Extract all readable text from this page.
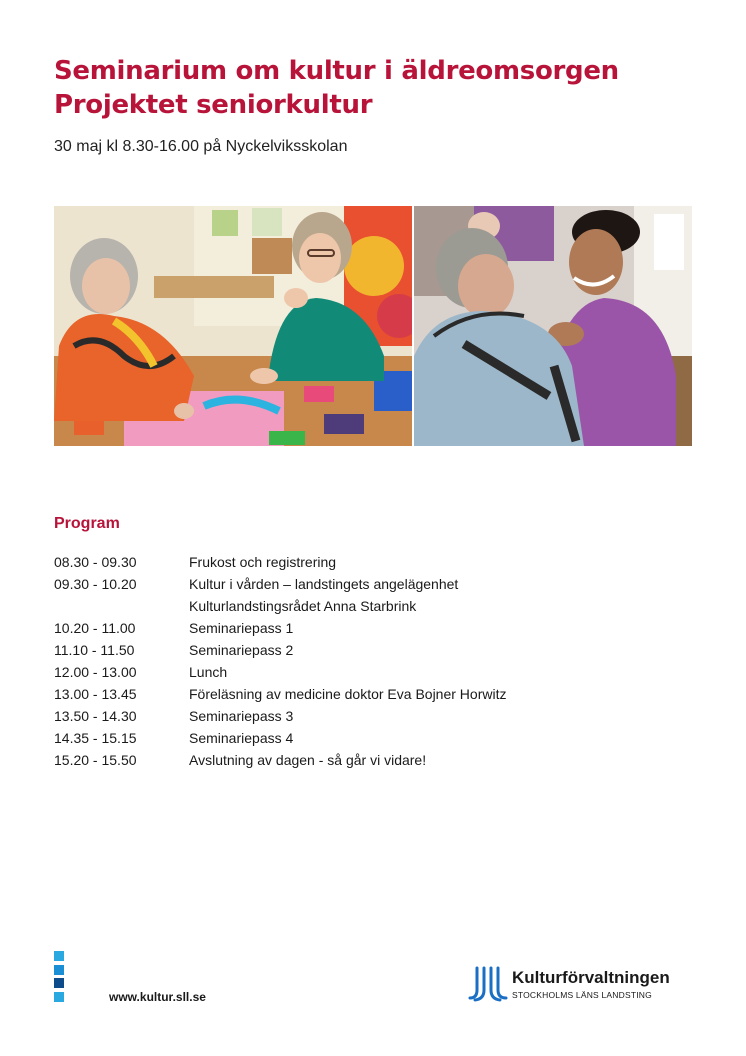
Seminarium om kultur i äldreomsorgen
Projektet seniorkultur
30 maj kl 8.30-16.00 på Nyckelviksskolan
Program
08.30 - 09.30	Frukost och registrering
09.30 - 10.20	Kultur i vården – landstingets angelägenhet
Kulturlandstingsrådet Anna Starbrink
10.20 - 11.00	Seminariepass 1
11.10 - 11.50	Seminariepass 2
12.00 - 13.00	Lunch
13.00 - 13.45	Föreläsning av medicine doktor Eva Bojner Horwitz
13.50 - 14.30	Seminariepass 3
14.35 - 15.15	Seminariepass 4
15.20 - 15.50	Avslutning av dagen - så går vi vidare!
www.kultur.sll.se
Kulturförvaltningen
STOCKHOLMS LÄNS LANDSTING
